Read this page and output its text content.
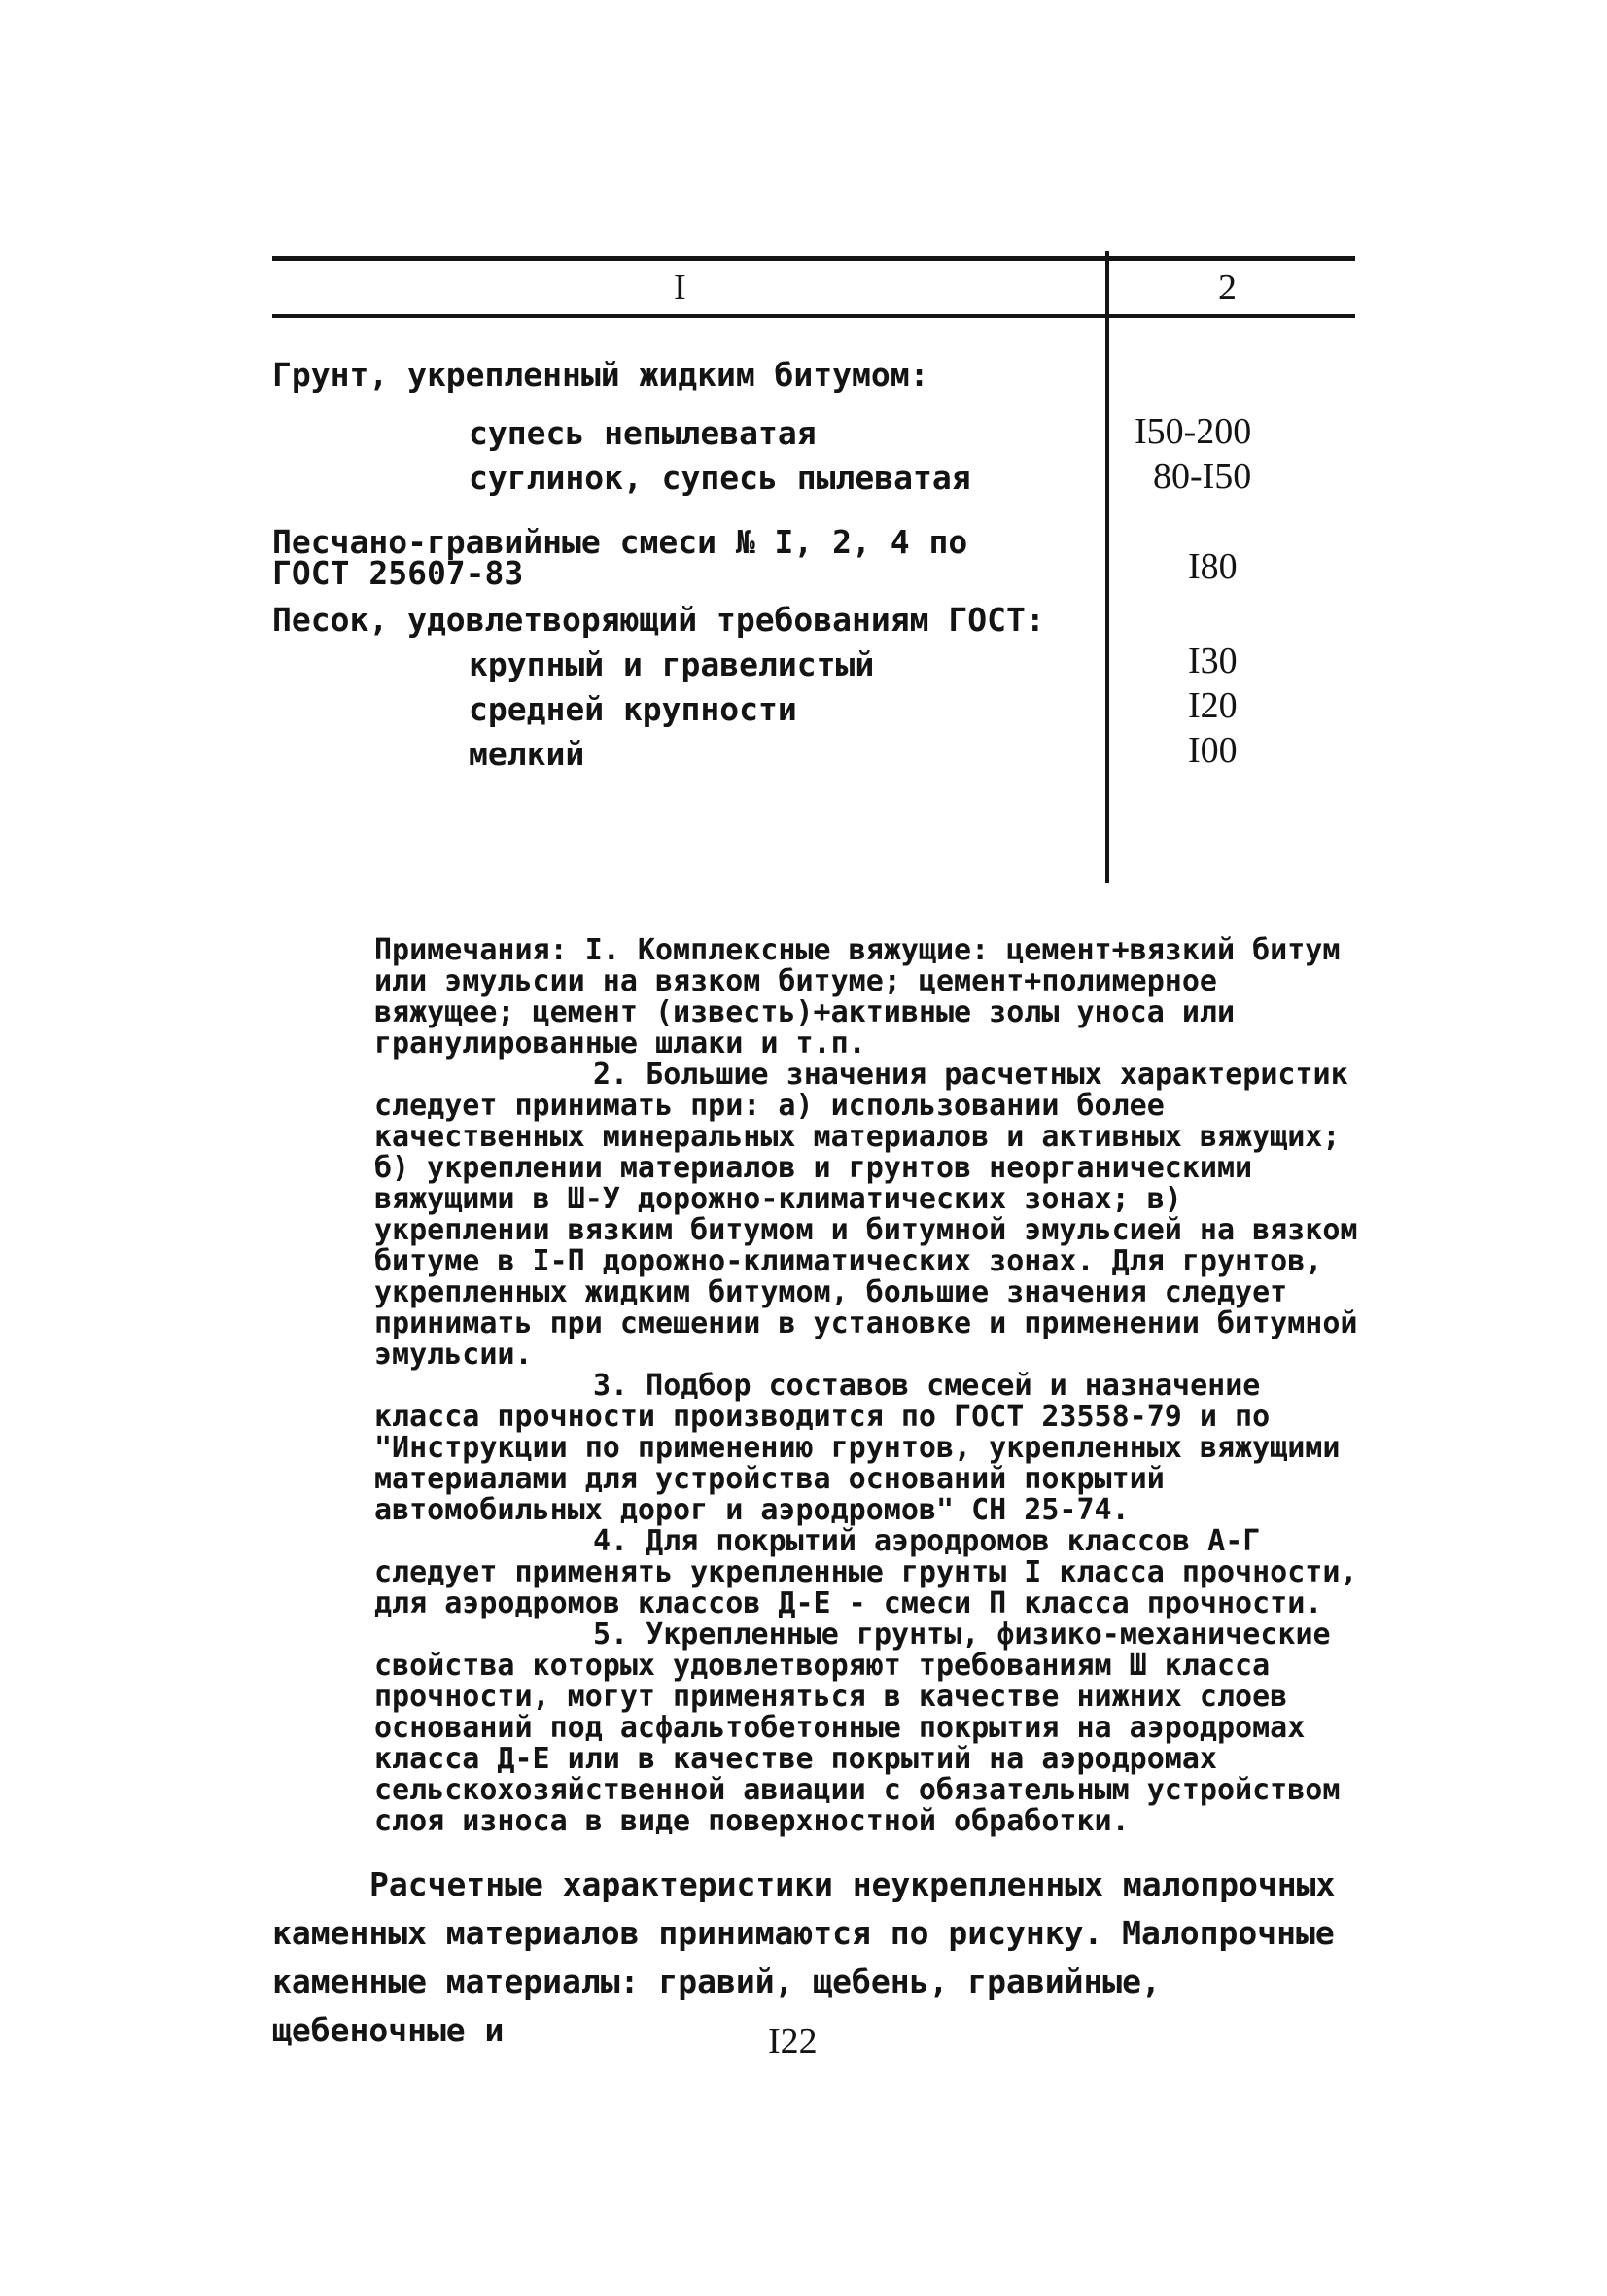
I	2
Грунт, укрепленный жидким битумом:
супесь непылеватая	I50-200
суглинок, супесь пылеватая	80-I50
Песчано-гравийные смеси № I, 2, 4 по
ГОСТ 25607-83	I80
Песок, удовлетворяющий требованиям ГОСТ:
крупный и гравелистый	I30
средней крупности	I20
мелкий	I00

Примечания: I. Комплексные вяжущие: цемент+вязкий битум или эмульсии на вязком битуме; цемент+полимерное вяжущее; цемент (известь)+активные золы уноса или гранулированные шлаки и т.п.

2. Большие значения расчетных характеристик следует принимать при: а) использовании более качественных минеральных материалов и активных вяжущих; б) укреплении материалов и грунтов неорганическими вяжущими в Ш-У дорожно-климатических зонах; в) укреплении вязким битумом и битумной эмульсией на вязком битуме в I-П дорожно-климатических зонах. Для грунтов, укрепленных жидким битумом, большие значения следует принимать при смешении в установке и применении битумной эмульсии.

3. Подбор составов смесей и назначение класса прочности производится по ГОСТ 23558-79 и по "Инструкции по применению грунтов, укрепленных вяжущими материалами для устройства оснований покрытий автомобильных дорог и аэродромов" СН 25-74.

4. Для покрытий аэродромов классов А-Г следует применять укрепленные грунты I класса прочности, для аэродромов классов Д-Е - смеси П класса прочности.

5. Укрепленные грунты, физико-механические свойства которых удовлетворяют требованиям Ш класса прочности, могут применяться в качестве нижних слоев оснований под асфальтобетонные покрытия на аэродромах класса Д-Е или в качестве покрытий на аэродромах сельскохозяйственной авиации с обязательным устройством слоя износа в виде поверхностной обработки.

Расчетные характеристики неукрепленных малопрочных каменных материалов принимаются по рисунку. Малопрочные каменные материалы: гравий, щебень, гравийные, щебеночные и	I22
